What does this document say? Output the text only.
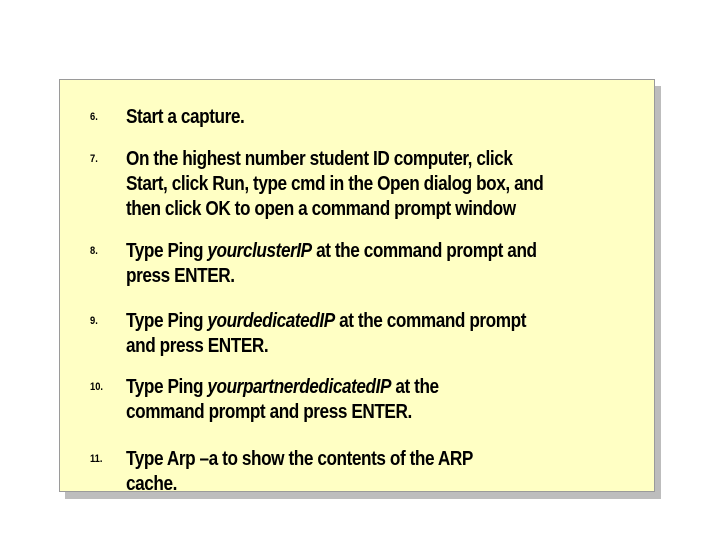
6. Start a capture.
7. On the highest number student ID computer, click
Start, click Run, type cmd in the Open dialog box, and
then click OK to open a command prompt window
8. Type Ping yourclusterIP at the command prompt and
press ENTER.
9. Type Ping yourdedicatedIP at the command prompt
and press ENTER.
10. Type Ping yourpartnerdedicatedIP at the
command prompt and press ENTER.
11. Type Arp –a to show the contents of the ARP
cache.
